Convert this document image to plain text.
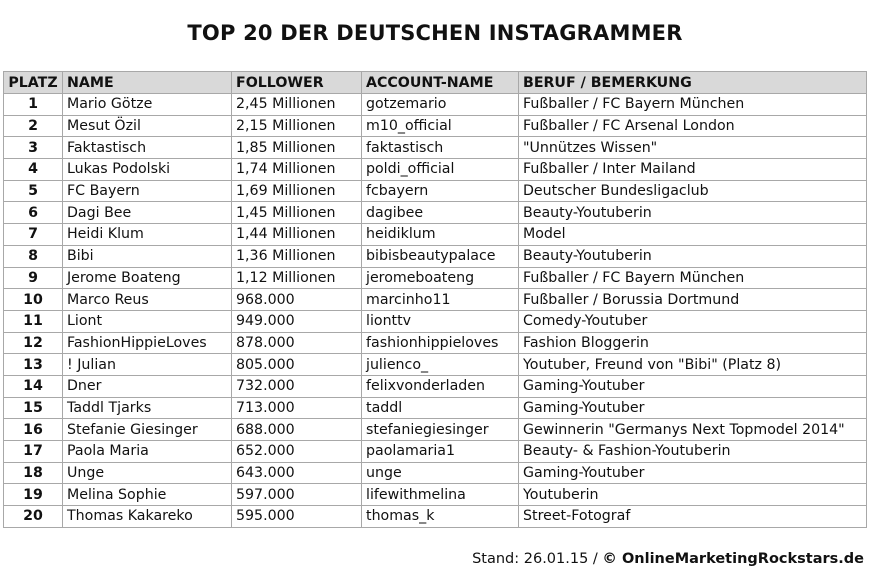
TOP 20 DER DEUTSCHEN INSTAGRAMMER
PLATZ	NAME	FOLLOWER	ACCOUNT-NAME	BERUF / BEMERKUNG
1	Mario Götze	2,45 Millionen	gotzemario	Fußballer / FC Bayern München
2	Mesut Özil	2,15 Millionen	m10_official	Fußballer / FC Arsenal London
3	Faktastisch	1,85 Millionen	faktastisch	"Unnützes Wissen"
4	Lukas Podolski	1,74 Millionen	poldi_official	Fußballer / Inter Mailand
5	FC Bayern	1,69 Millionen	fcbayern	Deutscher Bundesligaclub
6	Dagi Bee	1,45 Millionen	dagibee	Beauty-Youtuberin
7	Heidi Klum	1,44 Millionen	heidiklum	Model
8	Bibi	1,36 Millionen	bibisbeautypalace	Beauty-Youtuberin
9	Jerome Boateng	1,12 Millionen	jeromeboateng	Fußballer / FC Bayern München
10	Marco Reus	968.000	marcinho11	Fußballer / Borussia Dortmund
11	Liont	949.000	lionttv	Comedy-Youtuber
12	FashionHippieLoves	878.000	fashionhippieloves	Fashion Bloggerin
13	! Julian	805.000	julienco_	Youtuber, Freund von "Bibi" (Platz 8)
14	Dner	732.000	felixvonderladen	Gaming-Youtuber
15	Taddl Tjarks	713.000	taddl	Gaming-Youtuber
16	Stefanie Giesinger	688.000	stefaniegiesinger	Gewinnerin "Germanys Next Topmodel 2014"
17	Paola Maria	652.000	paolamaria1	Beauty- & Fashion-Youtuberin
18	Unge	643.000	unge	Gaming-Youtuber
19	Melina Sophie	597.000	lifewithmelina	Youtuberin
20	Thomas Kakareko	595.000	thomas_k	Street-Fotograf
Stand: 26.01.15 / © OnlineMarketingRockstars.de
